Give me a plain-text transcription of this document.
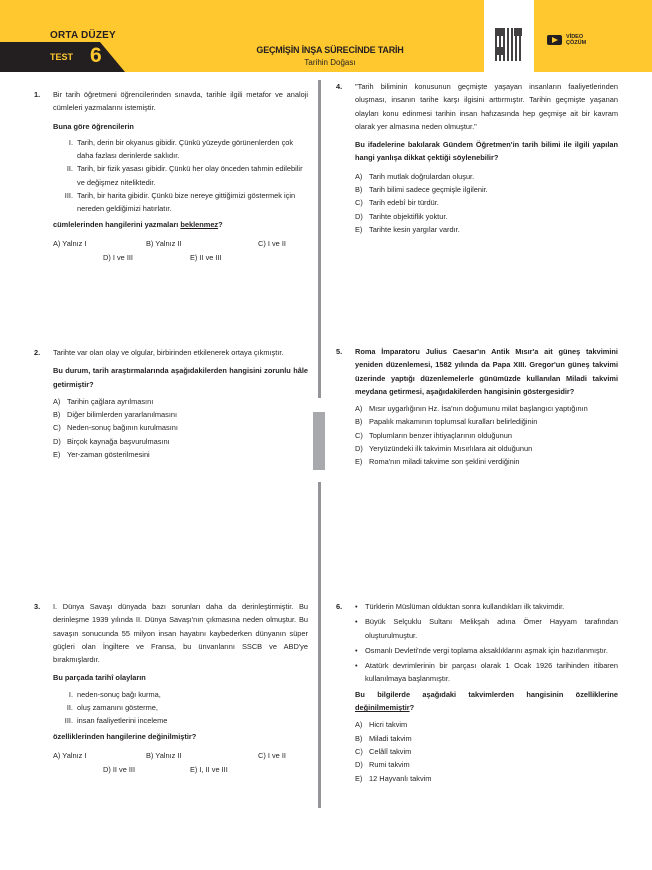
ORTA DÜZEY
TEST 6	GEÇMİŞİN İNŞA SÜRECİNDE TARİH
Tarihin Doğası
VİDEO
ÇÖZÜM
1. Bir tarih öğretmeni öğrencilerinden sınavda, tarihle ilgili metafor ve analoji cümleleri yazmalarını istemiştir.

Buna göre öğrencilerin

I. Tarih, derin bir okyanus gibidir. Çünkü yüzeyde görünenlerden çok daha fazlası derinlerde saklıdır.
II. Tarih, bir fizik yasası gibidir. Çünkü her olay önceden tahmin edilebilir ve değişmez niteliktedir.
III. Tarih, bir harita gibidir. Çünkü bize nereye gittiğimizi göstermek için nereden geldiğimizi hatırlatır.

cümlelerinden hangilerini yazmaları beklenmez?

A) Yalnız I	B) Yalnız II	C) I ve II
D) I ve III	E) II ve III
2. Tarihte var olan olay ve olgular, birbirinden etkilenerek ortaya çıkmıştır.

Bu durum, tarih araştırmalarında aşağıdakilerden hangisini zorunlu hâle getirmiştir?

A) Tarihin çağlara ayrılmasını
B) Diğer bilimlerden yararlanılmasını
C) Neden-sonuç bağının kurulmasını
D) Birçok kaynağa başvurulmasını
E) Yer-zaman gösterilmesini
3. I. Dünya Savaşı dünyada bazı sorunları daha da derinleştirmiştir. Bu derinleşme 1939 yılında II. Dünya Savaşı'nın çıkmasına neden olmuştur. Bu savaşın sonucunda 55 milyon insan hayatını kaybederken dünyanın süper güçleri olan İngiltere ve Fransa, bu ünvanlarını SSCB ve ABD'ye bırakmışlardır.

Bu parçada tarihî olayların

I. neden-sonuç bağı kurma,
II. oluş zamanını gösterme,
III. insan faaliyetlerini inceleme

özelliklerinden hangilerine değinilmiştir?

A) Yalnız I	B) Yalnız II	C) I ve II
D) II ve III	E) I, II ve III
4. "Tarih biliminin konusunun geçmişte yaşayan insanların faaliyetlerinden oluşması, insanın tarihe karşı ilgisini arttırmıştır. Tarihin geçmişte yaşanan olayları konu edinmesi tarihin insan hafızasında hep geçmişe ait bir kavram olarak yer almasına neden olmuştur."

Bu ifadelerine bakılarak Gündem Öğretmen'in tarih bilimi ile ilgili yapılan hangi yanlışa dikkat çektiği söylenebilir?

A) Tarih mutlak doğrulardan oluşur.
B) Tarih bilimi sadece geçmişle ilgilenir.
C) Tarih edebî bir türdür.
D) Tarihte objektiflik yoktur.
E) Tarihte kesin yargılar vardır.
5. Roma İmparatoru Julius Caesar'ın Antik Mısır'a ait güneş takvimini yeniden düzenlemesi, 1582 yılında da Papa XIII. Gregor'un güneş takvimi üzerinde yaptığı düzenlemelerle günümüzde kullanılan Miladi takvimi meydana getirmesi, aşağıdakilerden hangisinin göstergesidir?

A) Mısır uygarlığının Hz. İsa'nın doğumunu milat başlangıcı yaptığının
B) Papalık makamının toplumsal kuralları belirlediğinin
C) Toplumların benzer ihtiyaçlarının olduğunun
D) Yeryüzündeki ilk takvimin Mısırlılara ait olduğunun
E) Roma'nın miladi takvime son şeklini verdiğinin
6.	• Türklerin Müslüman olduktan sonra kullandıkları ilk takvimdir.
• Büyük Selçuklu Sultanı Melikşah adına Ömer Hayyam tarafından oluşturulmuştur.
• Osmanlı Devleti'nde vergi toplama aksaklıklarını aşmak için hazırlanmıştır.
• Atatürk devrimlerinin bir parçası olarak 1 Ocak 1926 tarihinden itibaren kullanılmaya başlanmıştır.

Bu bilgilerde aşağıdaki takvimlerden hangisinin özelliklerine değinilmemiştir?

A) Hicri takvim
B) Miladi takvim
C) Celâlî takvim
D) Rumi takvim
E) 12 Hayvanlı takvim
